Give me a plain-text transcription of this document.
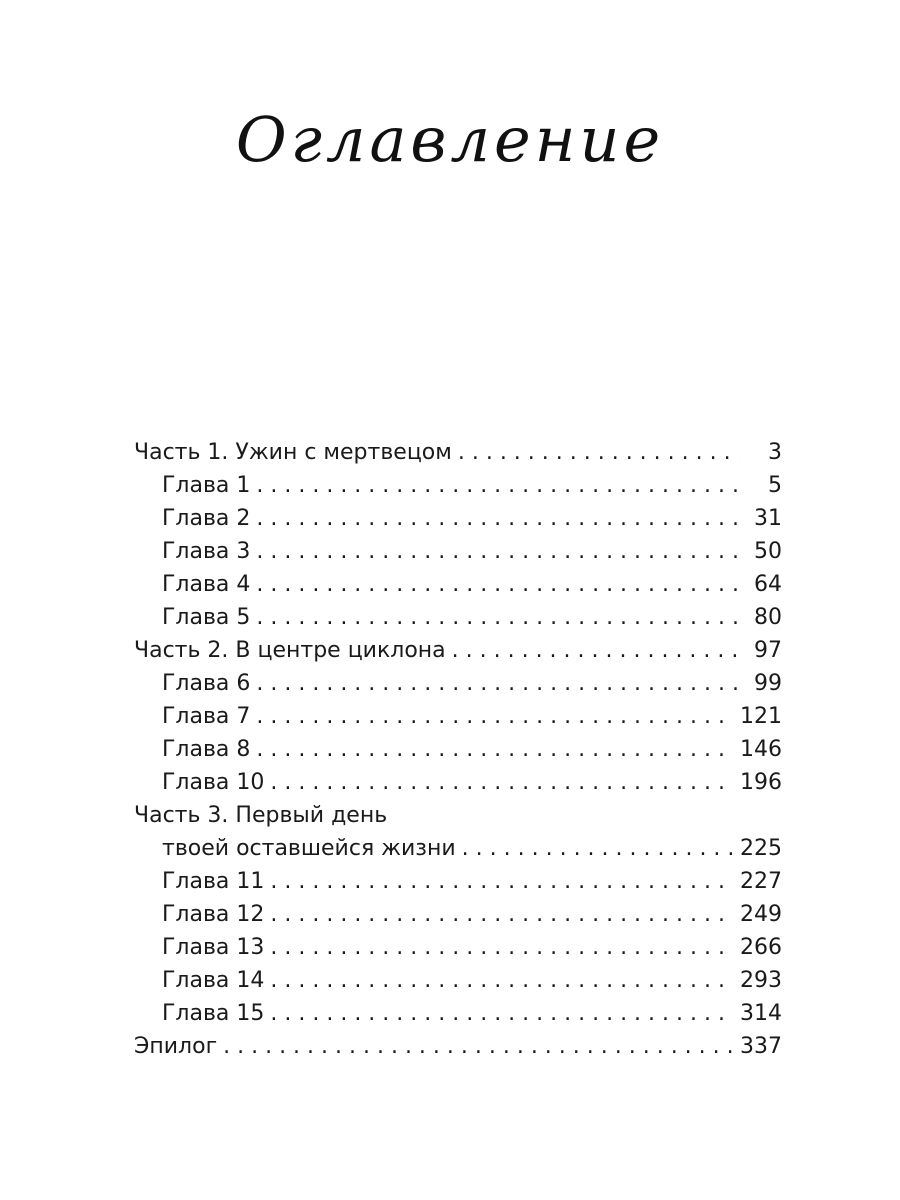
Оглавление
Часть 1. Ужин с мертвецом . . .	3
Глава 1 . . .	5
Глава 2 . . .	31
Глава 3 . . .	50
Глава 4 . . .	64
Глава 5 . . .	80
Часть 2. В центре циклона . . .	97
Глава 6 . . .	99
Глава 7 . . .	121
Глава 8 . . .	146
Глава 10 . . .	196
Часть 3. Первый день
твоей оставшейся жизни . . .	225
Глава 11 . . .	227
Глава 12 . . .	249
Глава 13 . . .	266
Глава 14 . . .	293
Глава 15 . . .	314
Эпилог . . .	337
